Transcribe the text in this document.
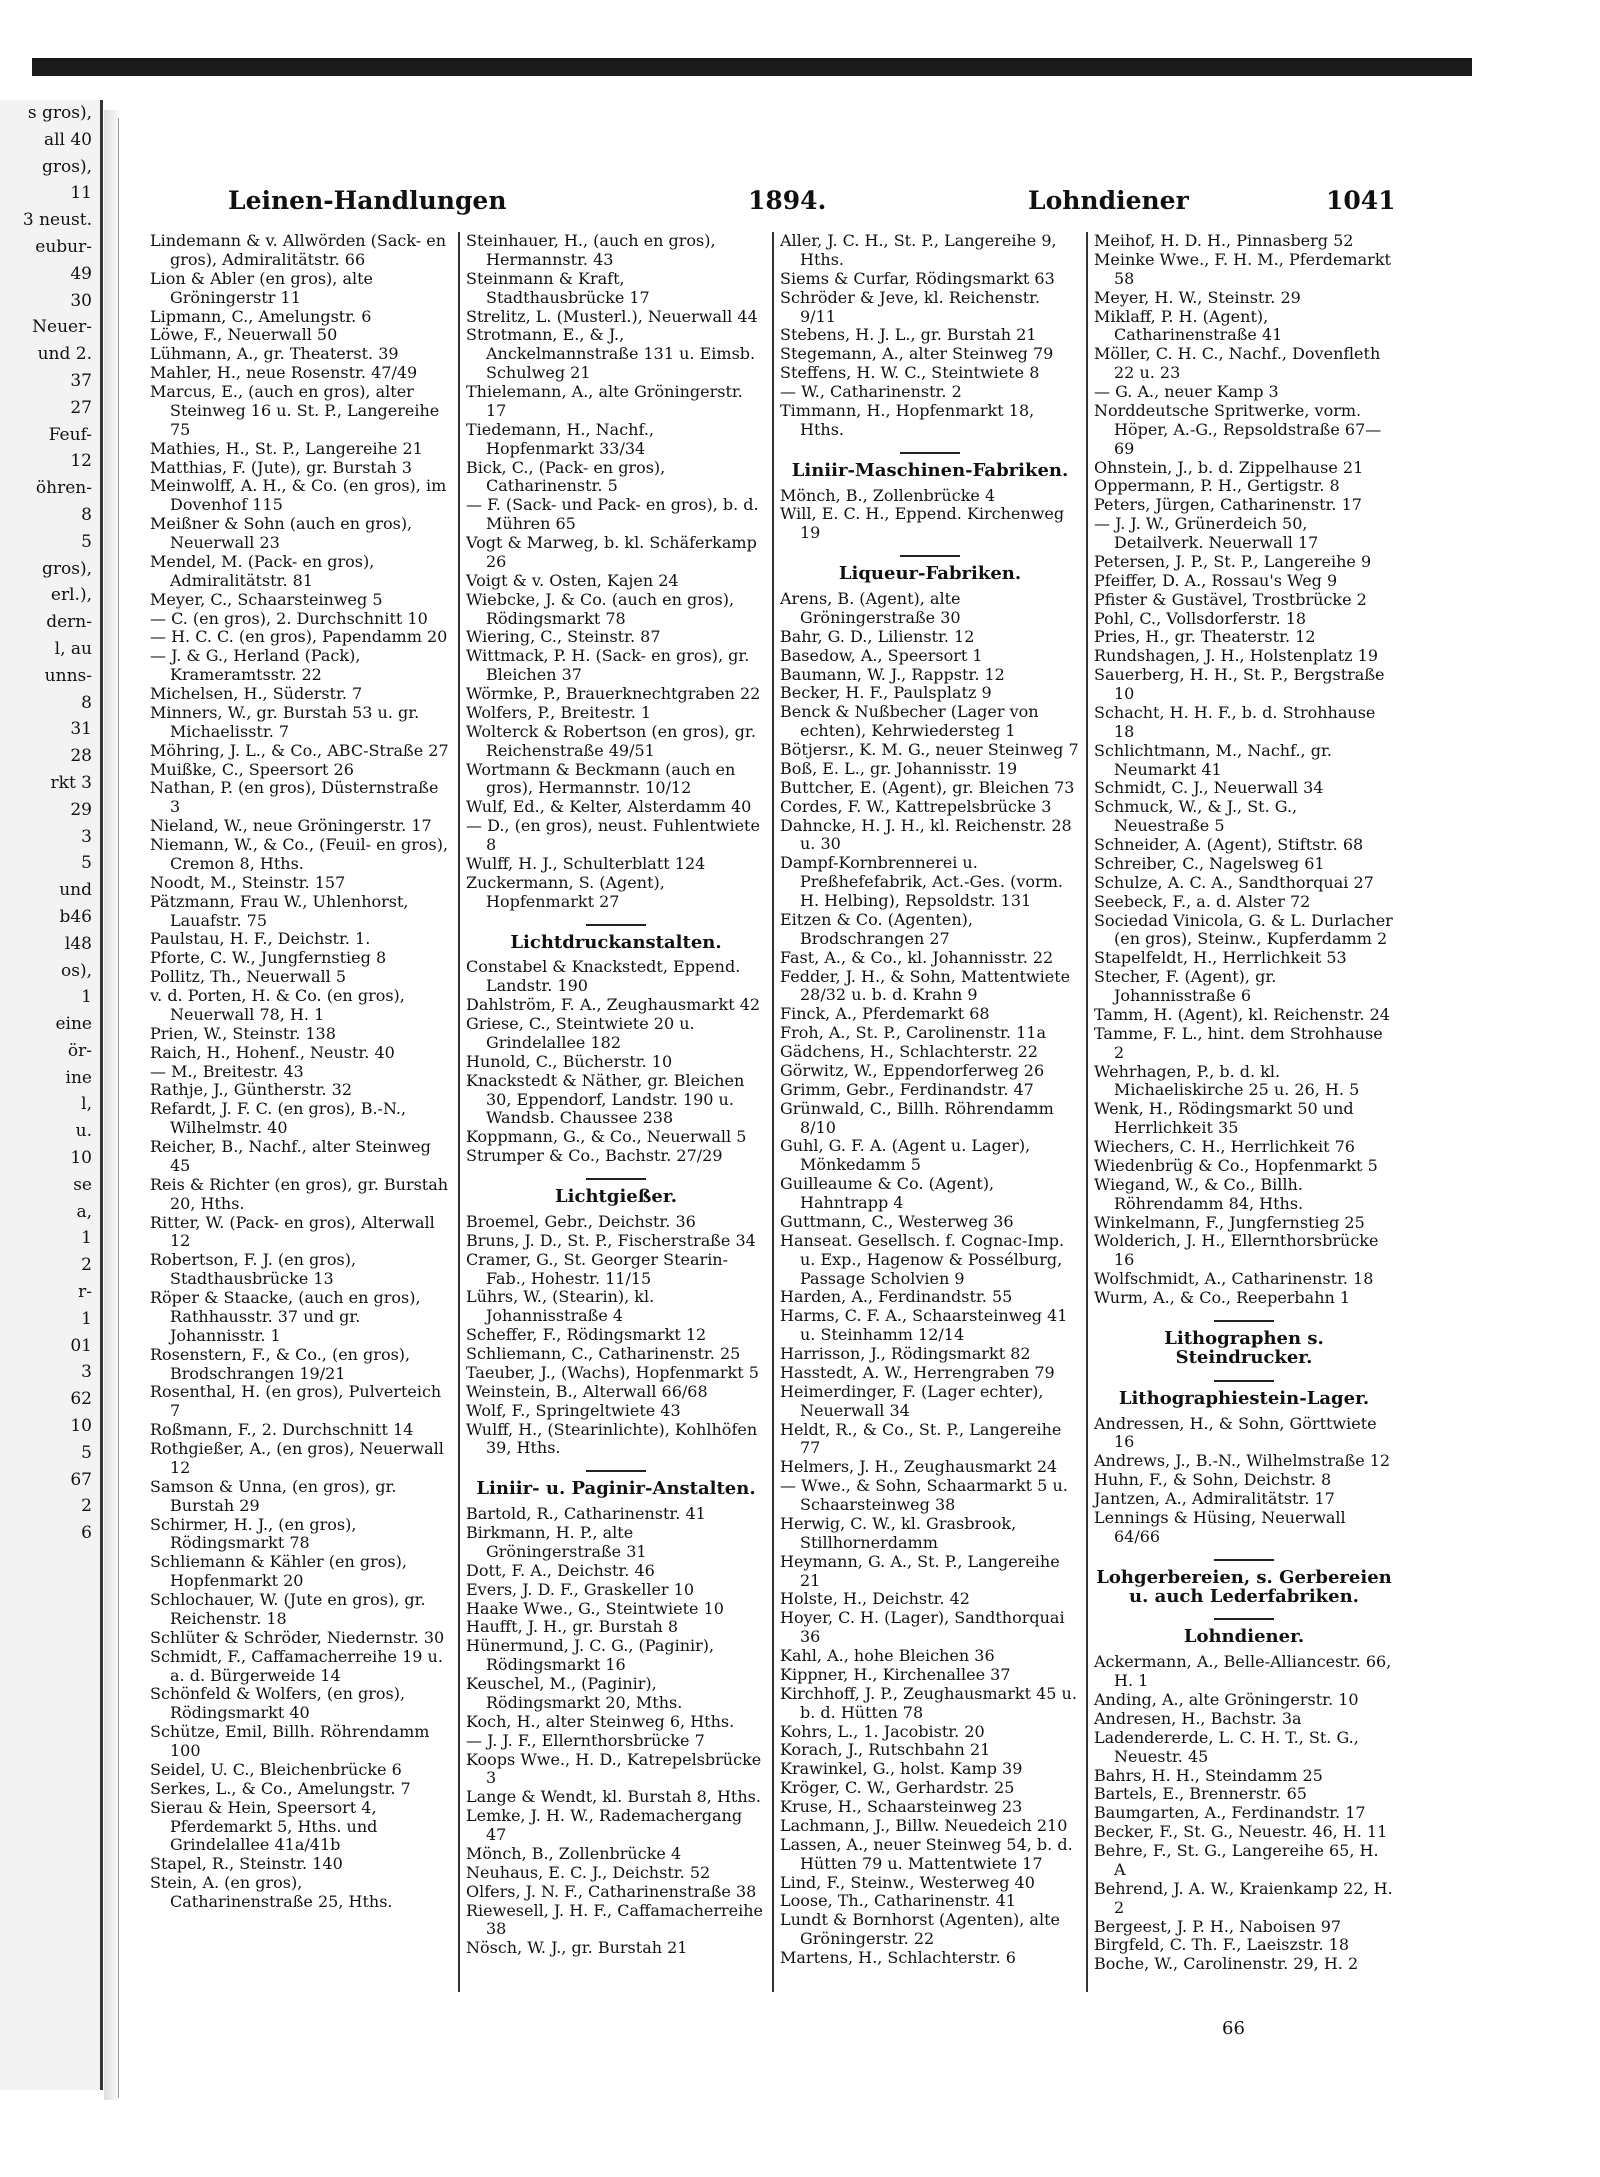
s gros),
all 40
gros),
11
3 neust.
eubur-
49
30
Neuer-
und 2.
37
27
Feuf-
12
öhren-
8
5
gros),
erl.),
dern-
l, au
unns-
8
31
28
rkt 3
29
3
5
und
b46
l48
os),
1
eine
ör-
ine
l,
u.
10
se
a,
1
2
r-
1
01
3
62
10
5
67
2
6
Leinen-Handlungen	1894.	Lohndiener	1041
Lindemann & v. Allwörden (Sack- en gros), Admiralitätstr. 66
Lion & Abler (en gros), alte Gröningerstr 11
Lipmann, C., Amelungstr. 6
Löwe, F., Neuerwall 50
Lühmann, A., gr. Theaterst. 39
Mahler, H., neue Rosenstr. 47/49
Marcus, E., (auch en gros), alter Steinweg 16 u. St. P., Langereihe 75
Mathies, H., St. P., Langereihe 21
Matthias, F. (Jute), gr. Burstah 3
Meinwolff, A. H., & Co. (en gros), im Dovenhof 115
Meißner & Sohn (auch en gros), Neuerwall 23
Mendel, M. (Pack- en gros), Admiralitätstr. 81
Meyer, C., Schaarsteinweg 5
— C. (en gros), 2. Durchschnitt 10
— H. C. C. (en gros), Papendamm 20
— J. & G., Herland (Pack), Krameramtsstr. 22
Michelsen, H., Süderstr. 7
Minners, W., gr. Burstah 53 u. gr. Michaelisstr. 7
Möhring, J. L., & Co., ABC-Straße 27
Muißke, C., Speersort 26
Nathan, P. (en gros), Düsternstraße 3
Nieland, W., neue Gröningerstr. 17
Niemann, W., & Co., (Feuil- en gros), Cremon 8, Hths.
Noodt, M., Steinstr. 157
Pätzmann, Frau W., Uhlenhorst, Lauafstr. 75
Paulstau, H. F., Deichstr. 1.
Pforte, C. W., Jungfernstieg 8
Pollitz, Th., Neuerwall 5
v. d. Porten, H. & Co. (en gros), Neuerwall 78, H. 1
Prien, W., Steinstr. 138
Raich, H., Hohenf., Neustr. 40
— M., Breitestr. 43
Rathje, J., Güntherstr. 32
Refardt, J. F. C. (en gros), B.-N., Wilhelmstr. 40
Reicher, B., Nachf., alter Steinweg 45
Reis & Richter (en gros), gr. Burstah 20, Hths.
Ritter, W. (Pack- en gros), Alterwall 12
Robertson, F. J. (en gros), Stadthausbrücke 13
Röper & Staacke, (auch en gros), Rathhausstr. 37 und gr. Johannisstr. 1
Rosenstern, F., & Co., (en gros), Brodschrangen 19/21
Rosenthal, H. (en gros), Pulverteich 7
Roßmann, F., 2. Durchschnitt 14
Rothgießer, A., (en gros), Neuerwall 12
Samson & Unna, (en gros), gr. Burstah 29
Schirmer, H. J., (en gros), Rödingsmarkt 78
Schliemann & Kähler (en gros), Hopfenmarkt 20
Schlochauer, W. (Jute en gros), gr. Reichenstr. 18
Schlüter & Schröder, Niedernstr. 30
Schmidt, F., Caffamacherreihe 19 u. a. d. Bürgerweide 14
Schönfeld & Wolfers, (en gros), Rödingsmarkt 40
Schütze, Emil, Billh. Röhrendamm 100
Seidel, U. C., Bleichenbrücke 6
Serkes, L., & Co., Amelungstr. 7
Sierau & Hein, Speersort 4, Pferdemarkt 5, Hths. und Grindelallee 41a/41b
Stapel, R., Steinstr. 140
Stein, A. (en gros), Catharinenstraße 25, Hths.
Steinhauer, H., (auch en gros), Hermannstr. 43
Steinmann & Kraft, Stadthausbrücke 17
Strelitz, L. (Musterl.), Neuerwall 44
Strotmann, E., & J., Anckelmannstraße 131 u. Eimsb. Schulweg 21
Thielemann, A., alte Gröningerstr. 17
Tiedemann, H., Nachf., Hopfenmarkt 33/34
Bick, C., (Pack- en gros), Catharinenstr. 5
— F. (Sack- und Pack- en gros), b. d. Mühren 65
Vogt & Marweg, b. kl. Schäferkamp 26
Voigt & v. Osten, Kajen 24
Wiebcke, J. & Co. (auch en gros), Rödingsmarkt 78
Wiering, C., Steinstr. 87
Wittmack, P. H. (Sack- en gros), gr. Bleichen 37
Wörmke, P., Brauerknechtgraben 22
Wolfers, P., Breitestr. 1
Wolterck & Robertson (en gros), gr. Reichenstraße 49/51
Wortmann & Beckmann (auch en gros), Hermannstr. 10/12
Wulf, Ed., & Kelter, Alsterdamm 40
— D., (en gros), neust. Fuhlentwiete 8
Wulff, H. J., Schulterblatt 124
Zuckermann, S. (Agent), Hopfenmarkt 27
Lichtdruckanstalten.
Constabel & Knackstedt, Eppend. Landstr. 190
Dahlström, F. A., Zeughausmarkt 42
Griese, C., Steintwiete 20 u. Grindelallee 182
Hunold, C., Bücherstr. 10
Knackstedt & Näther, gr. Bleichen 30, Eppendorf, Landstr. 190 u. Wandsb. Chaussee 238
Koppmann, G., & Co., Neuerwall 5
Strumper & Co., Bachstr. 27/29
Lichtgießer.
Broemel, Gebr., Deichstr. 36
Bruns, J. D., St. P., Fischerstraße 34
Cramer, G., St. Georger Stearin-Fab., Hohestr. 11/15
Lührs, W., (Stearin), kl. Johannisstraße 4
Scheffer, F., Rödingsmarkt 12
Schliemann, C., Catharinenstr. 25
Taeuber, J., (Wachs), Hopfenmarkt 5
Weinstein, B., Alterwall 66/68
Wolf, F., Springeltwiete 43
Wulff, H., (Stearinlichte), Kohlhöfen 39, Hths.
Liniir- u. Paginir-Anstalten.
Bartold, R., Catharinenstr. 41
Birkmann, H. P., alte Gröningerstraße 31
Dott, F. A., Deichstr. 46
Evers, J. D. F., Graskeller 10
Haake Wwe., G., Steintwiete 10
Haufft, J. H., gr. Burstah 8
Hünermund, J. C. G., (Paginir), Rödingsmarkt 16
Keuschel, M., (Paginir), Rödingsmarkt 20, Mths.
Koch, H., alter Steinweg 6, Hths.
— J. J. F., Ellernthorsbrücke 7
Koops Wwe., H. D., Katrepelsbrücke 3
Lange & Wendt, kl. Burstah 8, Hths.
Lemke, J. H. W., Rademachergang 47
Mönch, B., Zollenbrücke 4
Neuhaus, E. C. J., Deichstr. 52
Olfers, J. N. F., Catharinenstraße 38
Riewesell, J. H. F., Caffamacherreihe 38
Nösch, W. J., gr. Burstah 21
Aller, J. C. H., St. P., Langereihe 9, Hths.
Siems & Curfar, Rödingsmarkt 63
Schröder & Jeve, kl. Reichenstr. 9/11
Stebens, H. J. L., gr. Burstah 21
Stegemann, A., alter Steinweg 79
Steffens, H. W. C., Steintwiete 8
— W., Catharinenstr. 2
Timmann, H., Hopfenmarkt 18, Hths.
Liniir-Maschinen-Fabriken.
Mönch, B., Zollenbrücke 4
Will, E. C. H., Eppend. Kirchenweg 19
Liqueur-Fabriken.
Arens, B. (Agent), alte Gröningerstraße 30
Bahr, G. D., Lilienstr. 12
Basedow, A., Speersort 1
Baumann, W. J., Rappstr. 12
Becker, H. F., Paulsplatz 9
Benck & Nußbecher (Lager von echten), Kehrwiedersteg 1
Bötjersr., K. M. G., neuer Steinweg 7
Boß, E. L., gr. Johannisstr. 19
Buttcher, E. (Agent), gr. Bleichen 73
Cordes, F. W., Kattrepelsbrücke 3
Dahncke, H. J. H., kl. Reichenstr. 28 u. 30
Dampf-Kornbrennerei u. Preßhefefabrik, Act.-Ges. (vorm. H. Helbing), Repsoldstr. 131
Eitzen & Co. (Agenten), Brodschrangen 27
Fast, A., & Co., kl. Johannisstr. 22
Fedder, J. H., & Sohn, Mattentwiete 28/32 u. b. d. Krahn 9
Finck, A., Pferdemarkt 68
Froh, A., St. P., Carolinenstr. 11a
Gädchens, H., Schlachterstr. 22
Görwitz, W., Eppendorferweg 26
Grimm, Gebr., Ferdinandstr. 47
Grünwald, C., Billh. Röhrendamm 8/10
Guhl, G. F. A. (Agent u. Lager), Mönkedamm 5
Guilleaume & Co. (Agent), Hahntrapp 4
Guttmann, C., Westerweg 36
Hanseat. Gesellsch. f. Cognac-Imp. u. Exp., Hagenow & Possélburg, Passage Scholvien 9
Harden, A., Ferdinandstr. 55
Harms, C. F. A., Schaarsteinweg 41 u. Steinhamm 12/14
Harrisson, J., Rödingsmarkt 82
Hasstedt, A. W., Herrengraben 79
Heimerdinger, F. (Lager echter), Neuerwall 34
Heldt, R., & Co., St. P., Langereihe 77
Helmers, J. H., Zeughausmarkt 24
— Wwe., & Sohn, Schaarmarkt 5 u. Schaarsteinweg 38
Herwig, C. W., kl. Grasbrook, Stillhornerdamm
Heymann, G. A., St. P., Langereihe 21
Holste, H., Deichstr. 42
Hoyer, C. H. (Lager), Sandthorquai 36
Kahl, A., hohe Bleichen 36
Kippner, H., Kirchenallee 37
Kirchhoff, J. P., Zeughausmarkt 45 u. b. d. Hütten 78
Kohrs, L., 1. Jacobistr. 20
Korach, J., Rutschbahn 21
Krawinkel, G., holst. Kamp 39
Kröger, C. W., Gerhardstr. 25
Kruse, H., Schaarsteinweg 23
Lachmann, J., Billw. Neuedeich 210
Lassen, A., neuer Steinweg 54, b. d. Hütten 79 u. Mattentwiete 17
Lind, F., Steinw., Westerweg 40
Loose, Th., Catharinenstr. 41
Lundt & Bornhorst (Agenten), alte Gröningerstr. 22
Martens, H., Schlachterstr. 6
Meihof, H. D. H., Pinnasberg 52
Meinke Wwe., F. H. M., Pferdemarkt 58
Meyer, H. W., Steinstr. 29
Miklaff, P. H. (Agent), Catharinenstraße 41
Möller, C. H. C., Nachf., Dovenfleth 22 u. 23
— G. A., neuer Kamp 3
Norddeutsche Spritwerke, vorm. Höper, A.-G., Repsoldstraße 67—69
Ohnstein, J., b. d. Zippelhause 21
Oppermann, P. H., Gertigstr. 8
Peters, Jürgen, Catharinenstr. 17
— J. J. W., Grünerdeich 50, Detailverk. Neuerwall 17
Petersen, J. P., St. P., Langereihe 9
Pfeiffer, D. A., Rossau's Weg 9
Pfister & Gustävel, Trostbrücke 2
Pohl, C., Vollsdorferstr. 18
Pries, H., gr. Theaterstr. 12
Rundshagen, J. H., Holstenplatz 19
Sauerberg, H. H., St. P., Bergstraße 10
Schacht, H. H. F., b. d. Strohhause 18
Schlichtmann, M., Nachf., gr. Neumarkt 41
Schmidt, C. J., Neuerwall 34
Schmuck, W., & J., St. G., Neuestraße 5
Schneider, A. (Agent), Stiftstr. 68
Schreiber, C., Nagelsweg 61
Schulze, A. C. A., Sandthorquai 27
Seebeck, F., a. d. Alster 72
Sociedad Vinicola, G. & L. Durlacher (en gros), Steinw., Kupferdamm 2
Stapelfeldt, H., Herrlichkeit 53
Stecher, F. (Agent), gr. Johannisstraße 6
Tamm, H. (Agent), kl. Reichenstr. 24
Tamme, F. L., hint. dem Strohhause 2
Wehrhagen, P., b. d. kl. Michaeliskirche 25 u. 26, H. 5
Wenk, H., Rödingsmarkt 50 und Herrlichkeit 35
Wiechers, C. H., Herrlichkeit 76
Wiedenbrüg & Co., Hopfenmarkt 5
Wiegand, W., & Co., Billh. Röhrendamm 84, Hths.
Winkelmann, F., Jungfernstieg 25
Wolderich, J. H., Ellernthorsbrücke 16
Wolfschmidt, A., Catharinenstr. 18
Wurm, A., & Co., Reeperbahn 1
Lithographen s. Steindrucker.
Lithographiestein-Lager.
Andressen, H., & Sohn, Görttwiete 16
Andrews, J., B.-N., Wilhelmstraße 12
Huhn, F., & Sohn, Deichstr. 8
Jantzen, A., Admiralitätstr. 17
Lennings & Hüsing, Neuerwall 64/66
Lohgerbereien, s. Gerbereien u. auch Lederfabriken.
Lohndiener.
Ackermann, A., Belle-Alliancestr. 66, H. 1
Anding, A., alte Gröningerstr. 10
Andresen, H., Bachstr. 3a
Ladendererde, L. C. H. T., St. G., Neuestr. 45
Bahrs, H. H., Steindamm 25
Bartels, E., Brennerstr. 65
Baumgarten, A., Ferdinandstr. 17
Becker, F., St. G., Neuestr. 46, H. 11
Behre, F., St. G., Langereihe 65, H. A
Behrend, J. A. W., Kraienkamp 22, H. 2
Bergeest, J. P. H., Naboisen 97
Birgfeld, C. Th. F., Laeiszstr. 18
Boche, W., Carolinenstr. 29, H. 2
66
